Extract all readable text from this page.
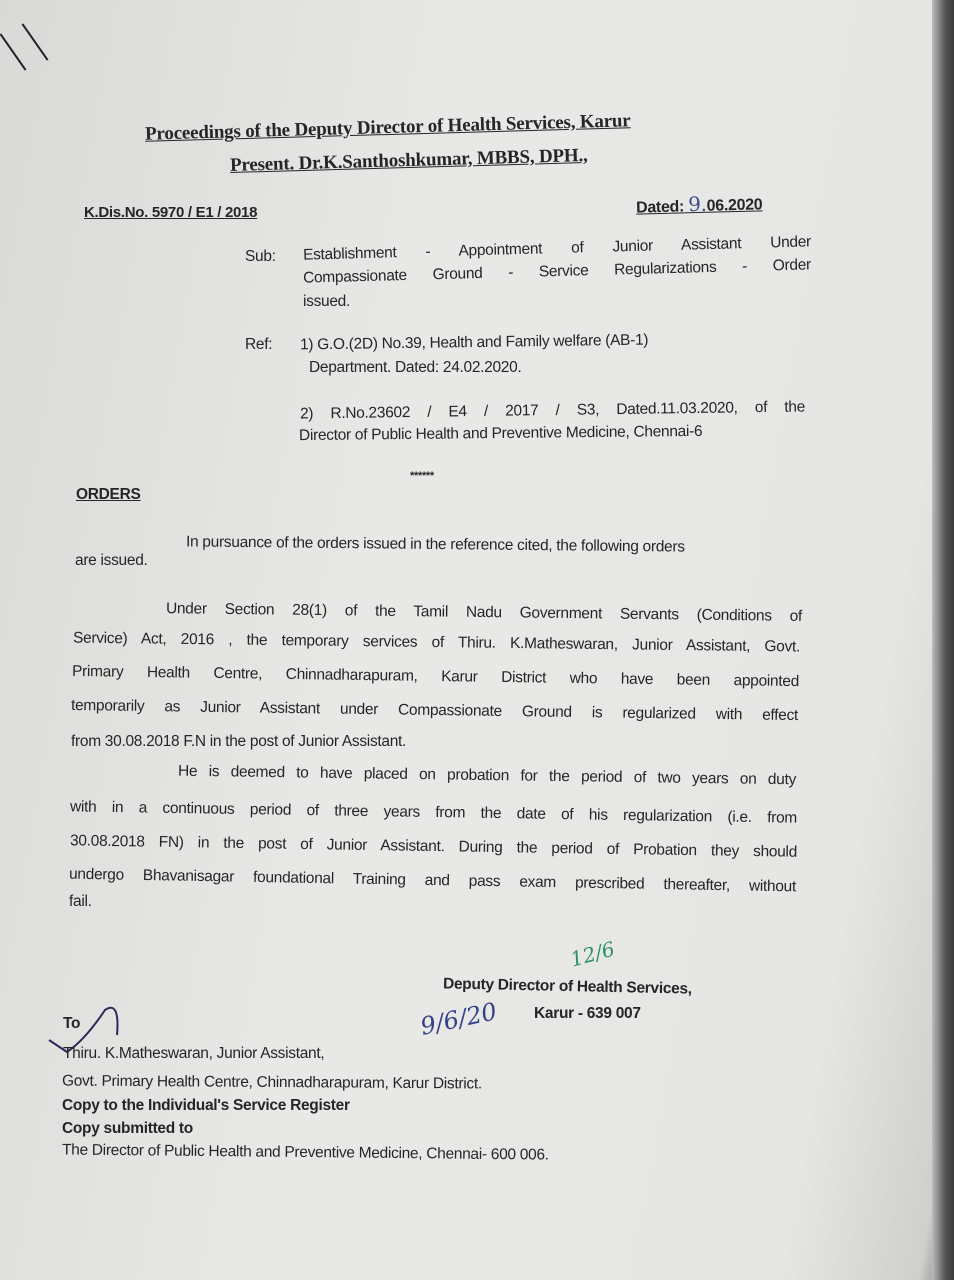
Proceedings of the Deputy Director of Health Services, Karur
Present. Dr.K.Santhoshkumar, MBBS, DPH.,
K.Dis.No. 5970 / E1 / 2018	Dated: 9.06.2020
Sub: Establishment - Appointment of Junior Assistant Under
Compassionate Ground - Service Regularizations - Order
issued.
Ref: 1) G.O.(2D) No.39, Health and Family welfare (AB-1)
Department. Dated: 24.02.2020.
2) R.No.23602 / E4 / 2017 / S3, Dated.11.03.2020, of the
Director of Public Health and Preventive Medicine, Chennai-6
******
ORDERS
In pursuance of the orders issued in the reference cited, the following orders
are issued.
Under Section 28(1) of the Tamil Nadu Government Servants (Conditions of
Service) Act, 2016 , the temporary services of Thiru. K.Matheswaran, Junior Assistant, Govt.
Primary Health Centre, Chinnadharapuram, Karur District who have been appointed
temporarily as Junior Assistant under Compassionate Ground is regularized with effect
from 30.08.2018 F.N in the post of Junior Assistant.
He is deemed to have placed on probation for the period of two years on duty
with in a continuous period of three years from the date of his regularization (i.e. from
30.08.2018 FN) in the post of Junior Assistant. During the period of Probation they should
undergo Bhavanisagar foundational Training and pass exam prescribed thereafter, without
fail.
12/6
Deputy Director of Health Services,
Karur - 639 007
9/6/20
To
Thiru. K.Matheswaran, Junior Assistant,
Govt. Primary Health Centre, Chinnadharapuram, Karur District.
Copy to the Individual's Service Register
Copy submitted to
The Director of Public Health and Preventive Medicine, Chennai- 600 006.
